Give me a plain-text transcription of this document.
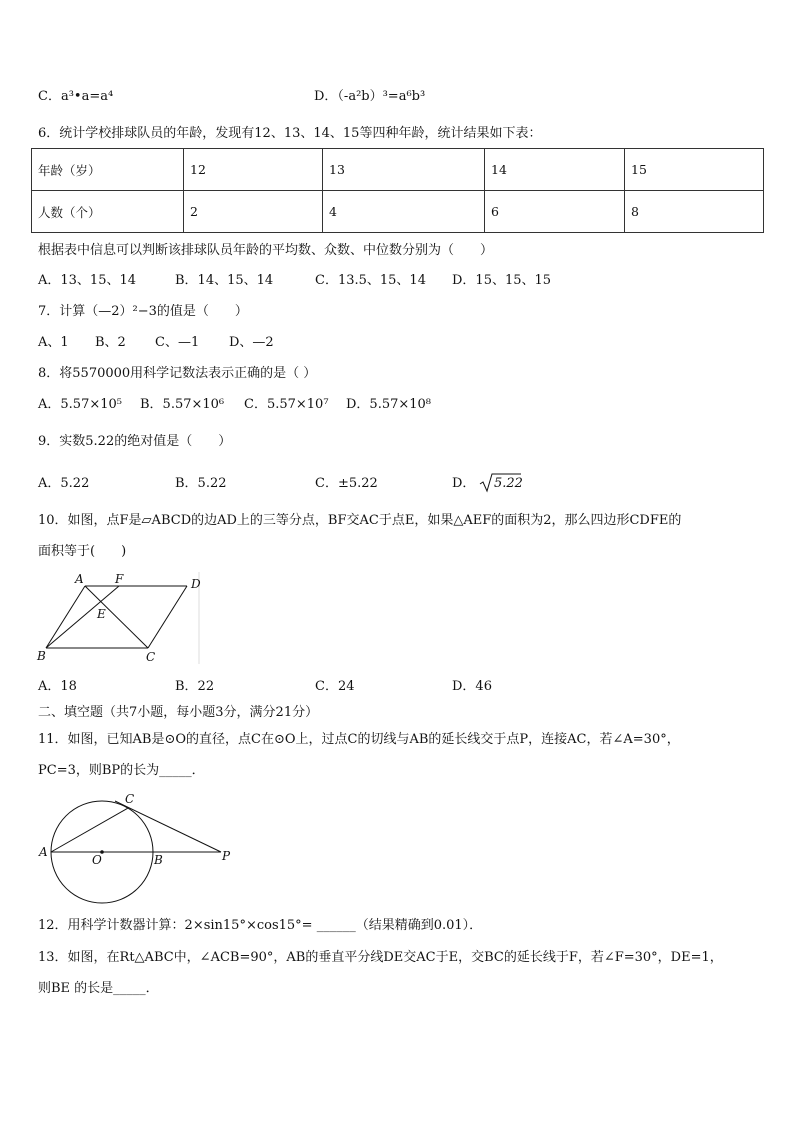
C．a³•a=a⁴	D．（-a²b）³=a⁶b³
6．统计学校排球队员的年龄，发现有12、13、14、15等四种年龄，统计结果如下表：
年龄（岁）	12	13	14	15
人数（个）	2	4	6	8
根据表中信息可以判断该排球队员年龄的平均数、众数、中位数分别为（　　）
A．13、15、14	B．14、15、14	C．13.5、15、14 D．15、15、15
7．计算（—2）²−3的值是（　　）
A、1 B、2 C、—1 D、—2
8．将5570000用科学记数法表示正确的是（ ）
A．5.57×10⁵ B．5.57×10⁶ C．5.57×10⁷ D．5.57×10⁸
9．实数5.22的绝对值是（　　）
A．5.22	B．5.22	C．±5.22	D． 5.22
10．如图，点F是▱ABCD的边AD上的三等分点，BF交AC于点E，如果△AEF的面积为2，那么四边形CDFE的
面积等于(　　)
A	F	D
E
B	C
A．18	B．22	C．24	D．46
二、填空题（共7小题，每小题3分，满分21分）
11．如图，已知AB是⊙O的直径，点C在⊙O上，过点C的切线与AB的延长线交于点P，连接AC，若∠A=30°，
PC=3，则BP的长为_____．
A
O	B
C
P
12．用科学计数器计算：2×sin15°×cos15°= ______（结果精确到0.01）．
13．如图，在Rt△ABC中，∠ACB=90°，AB的垂直平分线DE交AC于E，交BC的延长线于F，若∠F=30°，DE=1，
则BE 的长是_____．
